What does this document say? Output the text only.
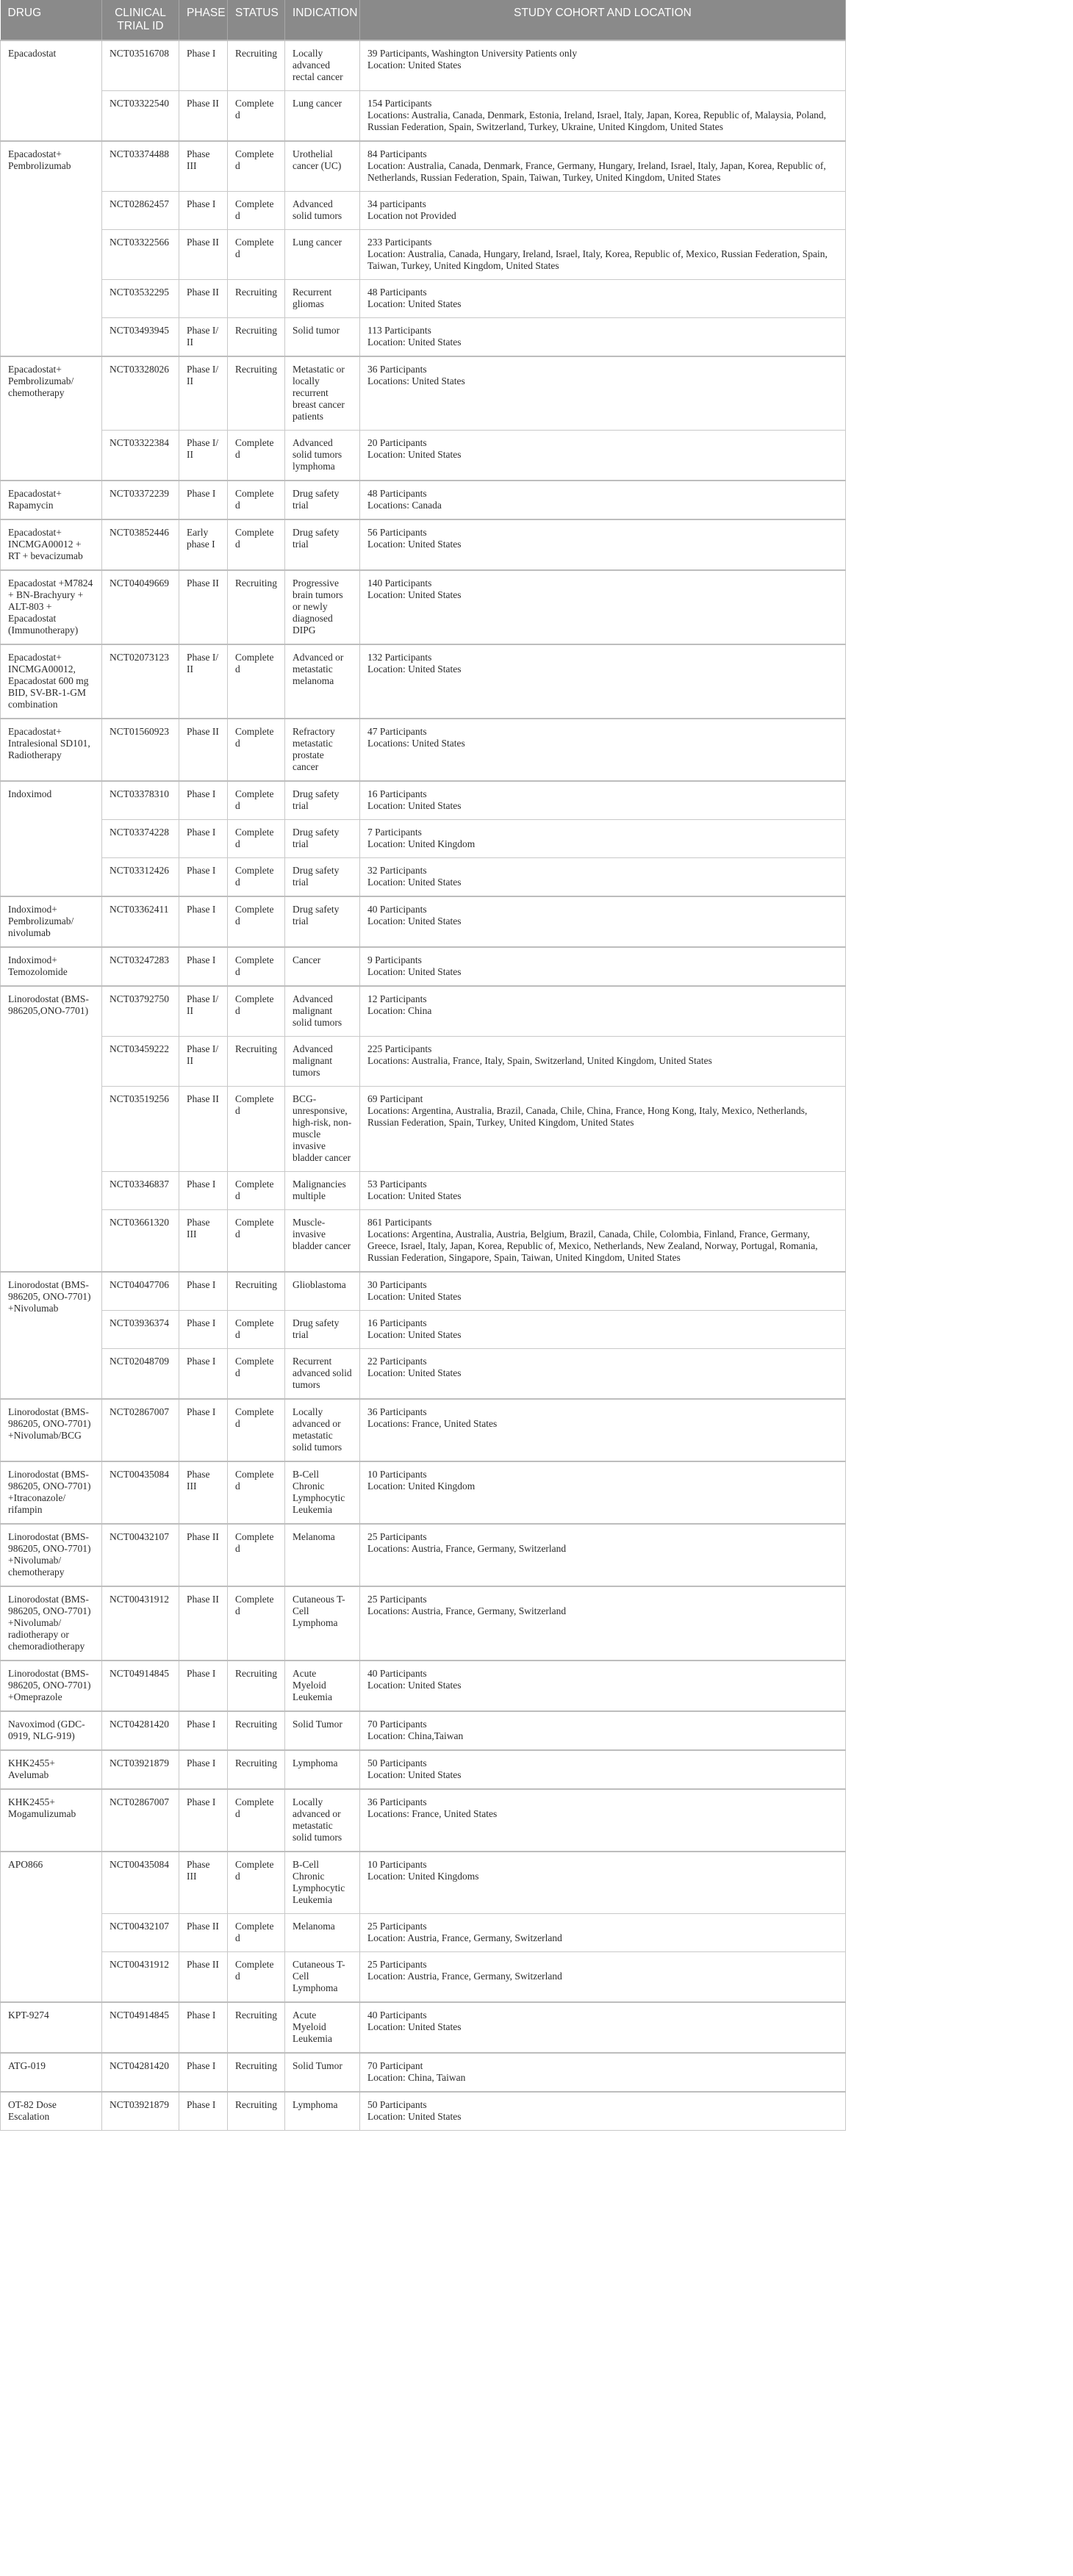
DRUG	CLINICAL TRIAL ID	PHASE	STATUS	INDICATION	STUDY COHORT AND LOCATION
Epacadostat	NCT03516708	Phase I	Recruiting	Locally advanced rectal cancer	39 Participants, Washington University Patients only
Location: United States

	NCT03322540	Phase II	Completed	Lung cancer	154 Participants
Locations: Australia, Canada, Denmark, Estonia, Ireland, Israel, Italy, Japan, Korea, Republic of, Malaysia, Poland, Russian Federation, Spain, Switzerland, Turkey, Ukraine, United Kingdom, United States

Epacadostat+ Pembrolizumab	NCT03374488	Phase III	Completed	Urothelial cancer (UC)	84 Participants
Location: Australia, Canada, Denmark, France, Germany, Hungary, Ireland, Israel, Italy, Japan, Korea, Republic of, Netherlands, Russian Federation, Spain, Taiwan, Turkey, United Kingdom, United States

	NCT02862457	Phase I	Completed	Advanced solid tumors	34 participants
Location not Provided

	NCT03322566	Phase II	Completed	Lung cancer	233 Participants
Location: Australia, Canada, Hungary, Ireland, Israel, Italy, Korea, Republic of, Mexico, Russian Federation, Spain, Taiwan, Turkey, United Kingdom, United States

	NCT03532295	Phase II	Recruiting	Recurrent gliomas	48 Participants
Location: United States

	NCT03493945	Phase I/ II	Recruiting	Solid tumor	113 Participants
Location: United States

Epacadostat+ Pembrolizumab/ chemotherapy	NCT03328026	Phase I/ II	Recruiting	Metastatic or locally recurrent breast cancer patients	36 Participants
Locations: United States

	NCT03322384	Phase I/ II	Completed	Advanced solid tumors lymphoma	20 Participants
Location: United States

Epacadostat+ Rapamycin	NCT03372239	Phase I	Completed	Drug safety trial	48 Participants
Locations: Canada

Epacadostat+ INCMGA00012 + RT + bevacizumab	NCT03852446	Early phase I	Completed	Drug safety trial	56 Participants
Location: United States

Epacadostat +M7824 + BN-Brachyury + ALT-803 + Epacadostat (Immunotherapy)	NCT04049669	Phase II	Recruiting	Progressive brain tumors or newly diagnosed DIPG	140 Participants
Location: United States

Epacadostat+ INCMGA00012, Epacadostat 600 mg BID, SV-BR-1-GM combination	NCT02073123	Phase I/ II	Completed	Advanced or metastatic melanoma	132 Participants
Location: United States

Epacadostat+ Intralesional SD101, Radiotherapy	NCT01560923	Phase II	Completed	Refractory metastatic prostate cancer	47 Participants
Locations: United States

Indoximod	NCT03378310	Phase I	Completed	Drug safety trial	16 Participants
Location: United States

	NCT03374228	Phase I	Completed	Drug safety trial	7 Participants
Location: United Kingdom

	NCT03312426	Phase I	Completed	Drug safety trial	32 Participants
Location: United States

Indoximod+ Pembrolizumab/ nivolumab	NCT03362411	Phase I	Completed	Drug safety trial	40 Participants
Location: United States

Indoximod+ Temozolomide	NCT03247283	Phase I	Completed	Cancer	9 Participants
Location: United States

Linorodostat (BMS-986205,ONO-7701)	NCT03792750	Phase I/ II	Completed	Advanced malignant solid tumors	12 Participants
Location: China

	NCT03459222	Phase I/ II	Recruiting	Advanced malignant tumors	225 Participants
Locations: Australia, France, Italy, Spain, Switzerland, United Kingdom, United States

	NCT03519256	Phase II	Completed	BCG-unresponsive, high-risk, non-muscle invasive bladder cancer	69 Participant
Locations: Argentina, Australia, Brazil, Canada, Chile, China, France, Hong Kong, Italy, Mexico, Netherlands, Russian Federation, Spain, Turkey, United Kingdom, United States

	NCT03346837	Phase I	Completed	Malignancies multiple	53 Participants
Location: United States

	NCT03661320	Phase III	Completed	Muscle-invasive bladder cancer	861 Participants
Locations: Argentina, Australia, Austria, Belgium, Brazil, Canada, Chile, Colombia, Finland, France, Germany, Greece, Israel, Italy, Japan, Korea, Republic of, Mexico, Netherlands, New Zealand, Norway, Portugal, Romania, Russian Federation, Singapore, Spain, Taiwan, United Kingdom, United States

Linorodostat (BMS-986205, ONO-7701) +Nivolumab	NCT04047706	Phase I	Recruiting	Glioblastoma	30 Participants
Location: United States

	NCT03936374	Phase I	Completed	Drug safety trial	16 Participants
Location: United States

	NCT02048709	Phase I	Completed	Recurrent advanced solid tumors	22 Participants
Location: United States

Linorodostat (BMS-986205, ONO-7701) +Nivolumab/BCG	NCT02867007	Phase I	Completed	Locally advanced or metastatic solid tumors	36 Participants
Locations: France, United States

Linorodostat (BMS-986205, ONO-7701) +Itraconazole/ rifampin	NCT00435084	Phase III	Completed	B-Cell Chronic Lymphocytic Leukemia	10 Participants
Location: United Kingdom

Linorodostat (BMS-986205, ONO-7701) +Nivolumab/ chemotherapy	NCT00432107	Phase II	Completed	Melanoma	25 Participants
Locations: Austria, France, Germany, Switzerland

Linorodostat (BMS-986205, ONO-7701) +Nivolumab/ radiotherapy or chemoradiotherapy	NCT00431912	Phase II	Completed	Cutaneous T-Cell Lymphoma	25 Participants
Locations: Austria, France, Germany, Switzerland

Linorodostat (BMS-986205, ONO-7701) +Omeprazole	NCT04914845	Phase I	Recruiting	Acute Myeloid Leukemia	40 Participants
Location: United States

Navoximod (GDC-0919, NLG-919)	NCT04281420	Phase I	Recruiting	Solid Tumor	70 Participants
Location: China,Taiwan

KHK2455+ Avelumab	NCT03921879	Phase I	Recruiting	Lymphoma	50 Participants
Location: United States

KHK2455+ Mogamulizumab	NCT02867007	Phase I	Completed	Locally advanced or metastatic solid tumors	36 Participants
Locations: France, United States

APO866	NCT00435084	Phase III	Completed	B-Cell Chronic Lymphocytic Leukemia	10 Participants
Location: United Kingdoms

	NCT00432107	Phase II	Completed	Melanoma	25 Participants
Location: Austria, France, Germany, Switzerland

	NCT00431912	Phase II	Completed	Cutaneous T-Cell Lymphoma	25 Participants
Location: Austria, France, Germany, Switzerland

KPT-9274	NCT04914845	Phase I	Recruiting	Acute Myeloid Leukemia	40 Participants
Location: United States

ATG-019	NCT04281420	Phase I	Recruiting	Solid Tumor	70 Participant
Location: China, Taiwan

OT-82 Dose Escalation	NCT03921879	Phase I	Recruiting	Lymphoma	50 Participants
Location: United States
